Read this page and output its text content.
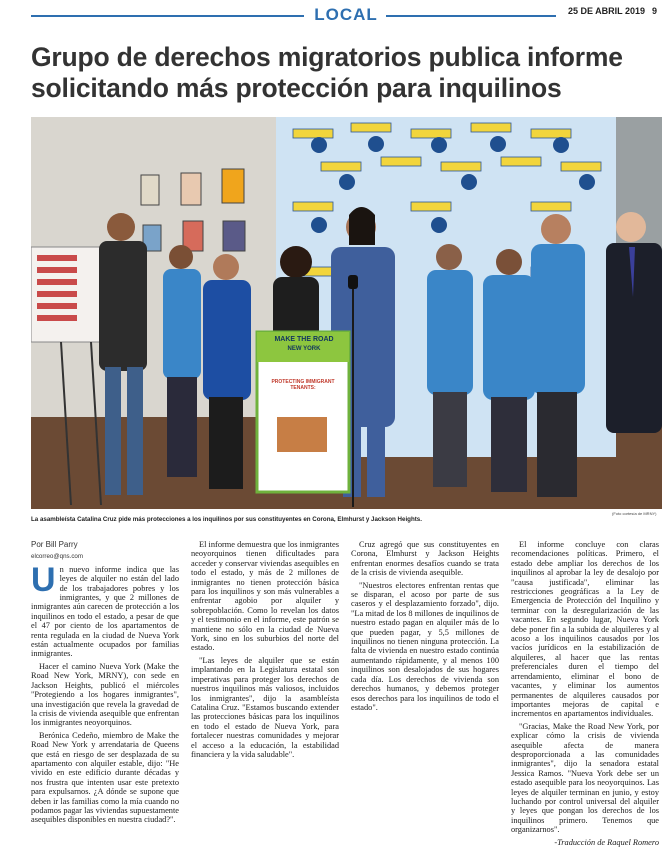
LOCAL	25 DE ABRIL 2019 9
Grupo de derechos migratorios publica informe solicitando más protección para inquilinos
MAKE THE ROAD
NEW YORK
PROTECTING IMMIGRANT TENANTS:
(Foto cortesía de MRNY)
La asambleísta Catalina Cruz pide más protecciones a los inquilinos por sus constituyentes en Corona, Elmhurst y Jackson Heights.

Por Bill Parry

elcorreo@qns.com

Un nuevo informe indica que las leyes de alquiler no están del lado de los trabajadores pobres y los inmigrantes, y que 2 millones de inmigrantes aún carecen de protección a los inquilinos en todo el estado, a pesar de que el 47 por ciento de los apartamentos de renta regulada en la ciudad de Nueva York están actualmente ocupados por familias inmigrantes.

Hacer el camino Nueva York (Make the Road New York, MRNY), con sede en Jackson Heights, publicó el miércoles "Protegiendo a los hogares inmigrantes", una investigación que revela la gravedad de la crisis de vivienda asequible que enfrentan los inmigrantes neoyorquinos.

Berónica Cedeño, miembro de Make the Road New York y arrendataria de Queens que está en riesgo de ser desplazada de su apartamento con alquiler estable, dijo: "He vivido en este edificio durante décadas y nos frustra que intenten usar este pretexto para expulsarnos. ¿A dónde se supone que deben ir las familias como la mía cuando no podamos pagar las viviendas supuestamente asequibles disponibles en nuestra ciudad?".

El informe demuestra que los inmigrantes neoyorquinos tienen dificultades para acceder y conservar viviendas asequibles en todo el estado, y más de 2 millones de inmigrantes no tienen protección básica para los inquilinos y son más vulnerables a enfrentar agobio por alquiler y sobrepoblación. Como lo revelan los datos y el testimonio en el informe, este patrón se mantiene no sólo en la ciudad de Nueva York, sino en los suburbios del norte del estado.

"Las leyes de alquiler que se están implantando en la Legislatura estatal son imperativas para proteger los derechos de nuestros inquilinos más valiosos, incluidos los inmigrantes", dijo la asambleísta Catalina Cruz. "Estamos buscando extender las protecciones básicas para los inquilinos en todo el estado de Nueva York, para fortalecer nuestras comunidades y mejorar el acceso a la educación, la estabilidad financiera y la vida saludable".

Cruz agregó que sus constituyentes en Corona, Elmhurst y Jackson Heights enfrentan enormes desafíos cuando se trata de la crisis de vivienda asequible.

"Nuestros electores enfrentan rentas que se disparan, el acoso por parte de sus caseros y el desplazamiento forzado", dijo. "La mitad de los 8 millones de inquilinos de nuestro estado pagan en alquiler más de lo que pueden pagar, y 5,5 millones de inquilinos no tienen ninguna protección. La falta de vivienda en nuestro estado continúa aumentando rápidamente, y al menos 100 inquilinos son desalojados de sus hogares cada día. Los derechos de vivienda son derechos humanos, y debemos proteger esos derechos para los inquilinos de todo el estado".

El informe concluye con claras recomendaciones políticas. Primero, el estado debe ampliar los derechos de los inquilinos al aprobar la ley de desalojo por "causa justificada", eliminar las restricciones geográficas a la Ley de Emergencia de Protección del Inquilino y terminar con la desregularización de las vacantes. En segundo lugar, Nueva York debe poner fin a la subida de alquileres y al acoso a los inquilinos causados por los vacíos jurídicos en la estabilización de alquileres, al hacer que las rentas preferenciales duren el tiempo del arrendamiento, eliminar el bono de vacantes, y eliminar los aumentos permanentes de alquileres causados por importantes mejoras de capital e incrementos en apartamentos individuales.

"Gracias, Make the Road New York, por explicar cómo la crisis de vivienda asequible afecta de manera desproporcionada a las comunidades inmigrantes", dijo la senadora estatal Jessica Ramos. "Nueva York debe ser un estado asequible para los neoyorquinos. Las leyes de alquiler terminan en junio, y estoy luchando por control universal del alquiler y leyes que pongan los derechos de los inquilinos primero. Tenemos que organizarnos".

-Traducción de Raquel Romero
